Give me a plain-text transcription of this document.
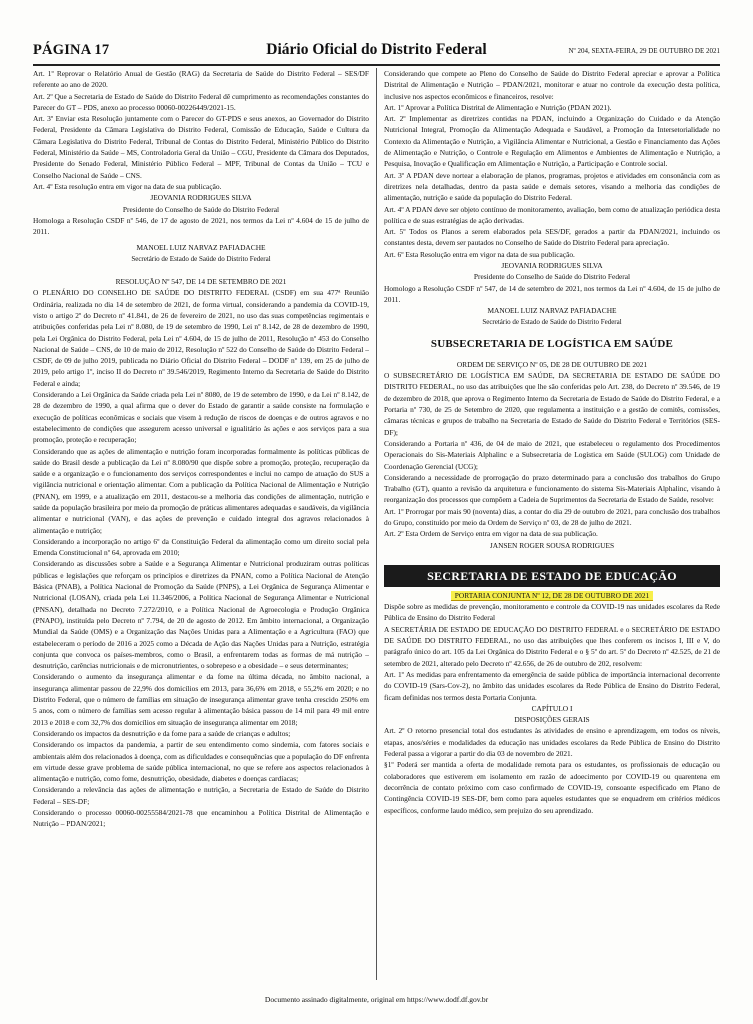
PÁGINA 17	Diário Oficial do Distrito Federal	Nº 204, SEXTA-FEIRA, 29 DE OUTUBRO DE 2021

Art. 1º Reprovar o Relatório Anual de Gestão (RAG) da Secretaria de Saúde do Distrito Federal – SES/DF referente ao ano de 2020.

Art. 2º Que a Secretaria de Estado de Saúde do Distrito Federal dê cumprimento as recomendações constantes do Parecer do GT – PDS, anexo ao processo 00060-00226449/2021-15.

Art. 3º Enviar esta Resolução juntamente com o Parecer do GT-PDS e seus anexos, ao Governador do Distrito Federal, Presidente da Câmara Legislativa do Distrito Federal, Comissão de Educação, Saúde e Cultura da Câmara Legislativa do Distrito Federal, Tribunal de Contas do Distrito Federal, Ministério Público do Distrito Federal, Ministério da Saúde – MS, Controladoria Geral da União – CGU, Presidente da Câmara dos Deputados, Presidente do Senado Federal, Ministério Público Federal – MPF, Tribunal de Contas da União – TCU e Conselho Nacional de Saúde – CNS.

Art. 4º Esta resolução entra em vigor na data de sua publicação.

JEOVANIA RODRIGUES SILVA

Presidente do Conselho de Saúde do Distrito Federal

Homologa a Resolução CSDF nº 546, de 17 de agosto de 2021, nos termos da Lei nº 4.604 de 15 de julho de 2011.

MANOEL LUIZ NARVAZ PAFIADACHE

Secretário de Estado de Saúde do Distrito Federal

RESOLUÇÃO Nº 547, DE 14 DE SETEMBRO DE 2021

O PLENÁRIO DO CONSELHO DE SAÚDE DO DISTRITO FEDERAL (CSDF) em sua 477ª Reunião Ordinária, realizada no dia 14 de setembro de 2021, de forma virtual, considerando a pandemia da COVID-19, visto o artigo 2º do Decreto nº 41.841, de 26 de fevereiro de 2021, no uso das suas competências regimentais e atribuições conferidas pela Lei nº 8.080, de 19 de setembro de 1990, Lei nº 8.142, de 28 de dezembro de 1990, pela Lei Orgânica do Distrito Federal, pela Lei nº 4.604, de 15 de julho de 2011, Resolução nº 453 do Conselho Nacional de Saúde – CNS, de 10 de maio de 2012, Resolução nº 522 do Conselho de Saúde do Distrito Federal – CSDF, de 09 de julho 2019, publicada no Diário Oficial do Distrito Federal – DODF nº 139, em 25 de julho de 2019, pelo artigo 1º, inciso II do Decreto nº 39.546/2019, Regimento Interno da Secretaria de Saúde do Distrito Federal e ainda;

Considerando a Lei Orgânica da Saúde criada pela Lei nº 8080, de 19 de setembro de 1990, e da Lei nº 8.142, de 28 de dezembro de 1990, a qual afirma que o dever do Estado de garantir a saúde consiste na formulação e execução de políticas econômicas e sociais que visem à redução de riscos de doenças e de outros agravos e no estabelecimento de condições que assegurem acesso universal e igualitário às ações e aos serviços para a sua promoção, proteção e recuperação;

Considerando que as ações de alimentação e nutrição foram incorporadas formalmente às políticas públicas de saúde do Brasil desde a publicação da Lei nº 8.080/90 que dispõe sobre a promoção, proteção, recuperação da saúde e a organização e o funcionamento dos serviços correspondentes e inclui no campo de atuação do SUS a vigilância nutricional e orientação alimentar. Com a publicação da Política Nacional de Alimentação e Nutrição (PNAN), em 1999, e a atualização em 2011, destacou-se a melhoria das condições de alimentação, nutrição e saúde da população brasileira por meio da promoção de práticas alimentares adequadas e saudáveis, da vigilância alimentar e nutricional (VAN), e das ações de prevenção e cuidado integral dos agravos relacionados à alimentação e nutrição;

Considerando a incorporação no artigo 6º da Constituição Federal da alimentação como um direito social pela Emenda Constitucional nº 64, aprovada em 2010;

Considerando as discussões sobre a Saúde e a Segurança Alimentar e Nutricional produziram outras políticas públicas e legislações que reforçam os princípios e diretrizes da PNAN, como a Política Nacional de Atenção Básica (PNAB), a Política Nacional de Promoção da Saúde (PNPS), a Lei Orgânica de Segurança Alimentar e Nutricional (LOSAN), criada pela Lei 11.346/2006, a Política Nacional de Segurança Alimentar e Nutricional (PNSAN), detalhada no Decreto 7.272/2010, e a Política Nacional de Agroecologia e Produção Orgânica (PNAPO), instituída pelo Decreto nº 7.794, de 20 de agosto de 2012. Em âmbito internacional, a Organização Mundial da Saúde (OMS) e a Organização das Nações Unidas para a Alimentação e a Agricultura (FAO) que estabeleceram o período de 2016 a 2025 como a Década de Ação das Nações Unidas para a Nutrição, estratégia conjunta que convoca os países-membros, como o Brasil, a enfrentarem todas as formas de má nutrição – desnutrição, carências nutricionais e de micronutrientes, o sobrepeso e a obesidade – e seus determinantes;

Considerando o aumento da insegurança alimentar e da fome na última década, no âmbito nacional, a insegurança alimentar passou de 22,9% dos domicílios em 2013, para 36,6% em 2018, e 55,2% em 2020; e no Distrito Federal, que o número de famílias em situação de insegurança alimentar grave tenha crescido 250% em 5 anos, com o número de famílias sem acesso regular à alimentação básica passou de 14 mil para 49 mil entre 2013 e 2018 e com 32,7% dos domicílios em situação de insegurança alimentar em 2018;

Considerando os impactos da desnutrição e da fome para a saúde de crianças e adultos;

Considerando os impactos da pandemia, a partir de seu entendimento como sindemia, com fatores sociais e ambientais além dos relacionados à doença, com as dificuldades e consequências que a população do DF enfrenta em virtude desse grave problema de saúde pública internacional, no que se refere aos aspectos relacionados à alimentação e nutrição, como fome, desnutrição, obesidade, diabetes e doenças cardíacas;

Considerando a relevância das ações de alimentação e nutrição, a Secretaria de Estado de Saúde do Distrito Federal – SES-DF;

Considerando o processo 00060-00255584/2021-78 que encaminhou a Política Distrital de Alimentação e Nutrição – PDAN/2021;

Considerando que compete ao Pleno do Conselho de Saúde do Distrito Federal apreciar e aprovar a Política Distrital de Alimentação e Nutrição – PDAN/2021, monitorar e atuar no controle da execução desta política, inclusive nos aspectos econômicos e financeiros, resolve:

Art. 1º Aprovar a Política Distrital de Alimentação e Nutrição (PDAN 2021).

Art. 2º Implementar as diretrizes contidas na PDAN, incluindo a Organização do Cuidado e da Atenção Nutricional Integral, Promoção da Alimentação Adequada e Saudável, a Promoção da Intersetorialidade no Contexto da Alimentação e Nutrição, a Vigilância Alimentar e Nutricional, a Gestão e Financiamento das Ações de Alimentação e Nutrição, o Controle e Regulação em Alimentos e Ambientes de Alimentação e Nutrição, a Pesquisa, Inovação e Qualificação em Alimentação e Nutrição, a Participação e Controle social.

Art. 3º A PDAN deve nortear a elaboração de planos, programas, projetos e atividades em consonância com as diretrizes nela detalhadas, dentro da pasta saúde e demais setores, visando a melhoria das condições de alimentação, nutrição e saúde da população do Distrito Federal.

Art. 4º A PDAN deve ser objeto contínuo de monitoramento, avaliação, bem como de atualização periódica desta política e de suas estratégias de ação derivadas.

Art. 5º Todos os Planos a serem elaborados pela SES/DF, gerados a partir da PDAN/2021, incluindo os constantes desta, devem ser pautados no Conselho de Saúde do Distrito Federal para apreciação.

Art. 6º Esta Resolução entra em vigor na data de sua publicação.

JEOVANIA RODRIGUES SILVA

Presidente do Conselho de Saúde do Distrito Federal

Homologo a Resolução CSDF nº 547, de 14 de setembro de 2021, nos termos da Lei nº 4.604, de 15 de julho de 2011.

MANOEL LUIZ NARVAZ PAFIADACHE

Secretário de Estado de Saúde do Distrito Federal

SUBSECRETARIA DE LOGÍSTICA EM SAÚDE

ORDEM DE SERVIÇO Nº 05, DE 28 DE OUTUBRO DE 2021

O SUBSECRETÁRIO DE LOGÍSTICA EM SAÚDE, DA SECRETARIA DE ESTADO DE SAÚDE DO DISTRITO FEDERAL, no uso das atribuições que lhe são conferidas pelo Art. 238, do Decreto nº 39.546, de 19 de dezembro de 2018, que aprova o Regimento Interno da Secretaria de Estado de Saúde do Distrito Federal, e a Portaria nº 730, de 25 de Setembro de 2020, que regulamenta a instituição e a gestão de comitês, comissões, câmaras técnicas e grupos de trabalho na Secretaria de Estado de Saúde do Distrito Federal e Territórios (SES-DF);

Considerando a Portaria nº 436, de 04 de maio de 2021, que estabeleceu o regulamento dos Procedimentos Operacionais do Sis-Materiais Alphalinc e a Subsecretaria de Logística em Saúde (SULOG) com Unidade de Coordenação Gerencial (UCG);

Considerando a necessidade de prorrogação do prazo determinado para a conclusão dos trabalhos do Grupo Trabalho (GT), quanto a revisão da arquitetura e funcionamento do sistema Sis-Materiais Alphalinc, visando à reorganização dos processos que compõem a Cadeia de Suprimentos da Secretaria de Estado de Saúde, resolve:

Art. 1º Prorrogar por mais 90 (noventa) dias, a contar do dia 29 de outubro de 2021, para conclusão dos trabalhos do Grupo, constituído por meio da Ordem de Serviço nº 03, de 28 de julho de 2021.

Art. 2º Esta Ordem de Serviço entra em vigor na data de sua publicação.

JANSEN ROGER SOUSA RODRIGUES

SECRETARIA DE ESTADO DE EDUCAÇÃO

PORTARIA CONJUNTA Nº 12, DE 28 DE OUTUBRO DE 2021

Dispõe sobre as medidas de prevenção, monitoramento e controle da COVID-19 nas unidades escolares da Rede Pública de Ensino do Distrito Federal

A SECRETÁRIA DE ESTADO DE EDUCAÇÃO DO DISTRITO FEDERAL e o SECRETÁRIO DE ESTADO DE SAÚDE DO DISTRITO FEDERAL, no uso das atribuições que lhes conferem os incisos I, III e V, do parágrafo único do art. 105 da Lei Orgânica do Distrito Federal e o § 5º do art. 5º do Decreto nº 42.525, de 21 de setembro de 2021, alterado pelo Decreto nº 42.656, de 26 de outubro de 202, resolvem:

Art. 1º As medidas para enfrentamento da emergência de saúde pública de importância internacional decorrente do COVID-19 (Sars-Cov-2), no âmbito das unidades escolares da Rede Pública de Ensino do Distrito Federal, ficam definidas nos termos desta Portaria Conjunta.

CAPÍTULO I

DISPOSIÇÕES GERAIS

Art. 2º O retorno presencial total dos estudantes às atividades de ensino e aprendizagem, em todos os níveis, etapas, anos/séries e modalidades da educação nas unidades escolares da Rede Pública de Ensino do Distrito Federal passa a vigorar a partir do dia 03 de novembro de 2021.

§1º Poderá ser mantida a oferta de modalidade remota para os estudantes, os profissionais de educação ou colaboradores que estiverem em isolamento em razão de adoecimento por COVID-19 ou quarentena em decorrência de contato próximo com caso confirmado de COVID-19, consoante especificado em Plano de Contingência COVID-19 SES-DF, bem como para aqueles estudantes que se enquadrem em critérios médicos específicos, conforme laudo médico, sem prejuízo do seu aprendizado.

Documento assinado digitalmente, original em https://www.dodf.df.gov.br
